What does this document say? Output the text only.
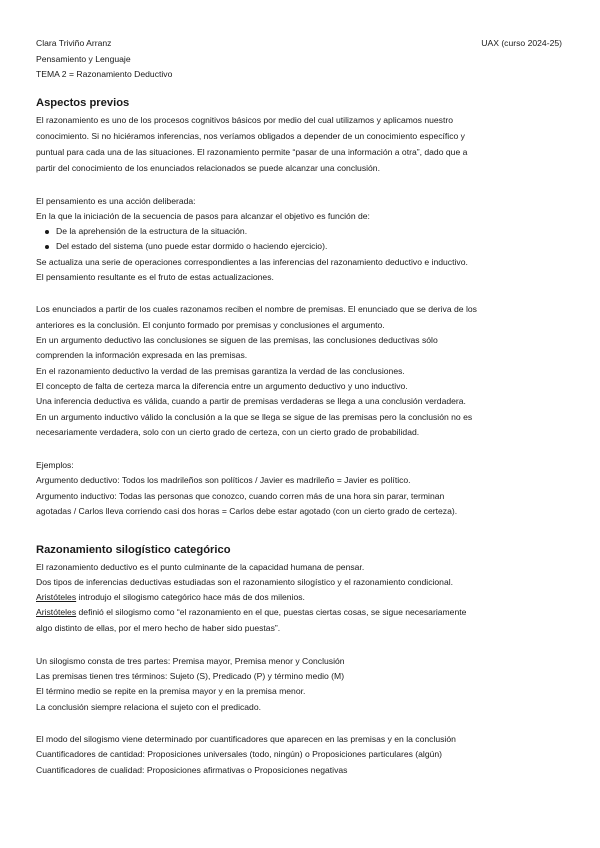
Clara Triviño Arranz	UAX (curso 2024-25)
Pensamiento y Lenguaje
TEMA 2 = Razonamiento Deductivo
Aspectos previos
El razonamiento es uno de los procesos cognitivos básicos por medio del cual utilizamos y aplicamos nuestro
conocimiento. Si no hiciéramos inferencias, nos veríamos obligados a depender de un conocimiento específico y
puntual para cada una de las situaciones. El razonamiento permite “pasar de una información a otra”, dado que a
partir del conocimiento de los enunciados relacionados se puede alcanzar una conclusión.
El pensamiento es una acción deliberada:
En la que la iniciación de la secuencia de pasos para alcanzar el objetivo es función de:
De la aprehensión de la estructura de la situación.
Del estado del sistema (uno puede estar dormido o haciendo ejercicio).
Se actualiza una serie de operaciones correspondientes a las inferencias del razonamiento deductivo e inductivo.
El pensamiento resultante es el fruto de estas actualizaciones.
Los enunciados a partir de los cuales razonamos reciben el nombre de premisas. El enunciado que se deriva de los
anteriores es la conclusión. El conjunto formado por premisas y conclusiones el argumento.
En un argumento deductivo las conclusiones se siguen de las premisas, las conclusiones deductivas sólo
comprenden la información expresada en las premisas.
En el razonamiento deductivo la verdad de las premisas garantiza la verdad de las conclusiones.
El concepto de falta de certeza marca la diferencia entre un argumento deductivo y uno inductivo.
Una inferencia deductiva es válida, cuando a partir de premisas verdaderas se llega a una conclusión verdadera.
En un argumento inductivo válido la conclusión a la que se llega se sigue de las premisas pero la conclusión no es
necesariamente verdadera, solo con un cierto grado de certeza, con un cierto grado de probabilidad.
Ejemplos:
Argumento deductivo: Todos los madrileños son políticos / Javier es madrileño = Javier es político.
Argumento inductivo: Todas las personas que conozco, cuando corren más de una hora sin parar, terminan
agotadas / Carlos lleva corriendo casi dos horas = Carlos debe estar agotado (con un cierto grado de certeza).
Razonamiento silogístico categórico
El razonamiento deductivo es el punto culminante de la capacidad humana de pensar.
Dos tipos de inferencias deductivas estudiadas son el razonamiento silogístico y el razonamiento condicional.
Aristóteles introdujo el silogismo categórico hace más de dos milenios.
Aristóteles definió el silogismo como “el razonamiento en el que, puestas ciertas cosas, se sigue necesariamente
algo distinto de ellas, por el mero hecho de haber sido puestas”.
Un silogismo consta de tres partes: Premisa mayor, Premisa menor y Conclusión
Las premisas tienen tres términos: Sujeto (S), Predicado (P) y término medio (M)
El término medio se repite en la premisa mayor y en la premisa menor.
La conclusión siempre relaciona el sujeto con el predicado.
El modo del silogismo viene determinado por cuantificadores que aparecen en las premisas y en la conclusión
Cuantificadores de cantidad: Proposiciones universales (todo, ningún) o Proposiciones particulares (algún)
Cuantificadores de cualidad: Proposiciones afirmativas o Proposiciones negativas
